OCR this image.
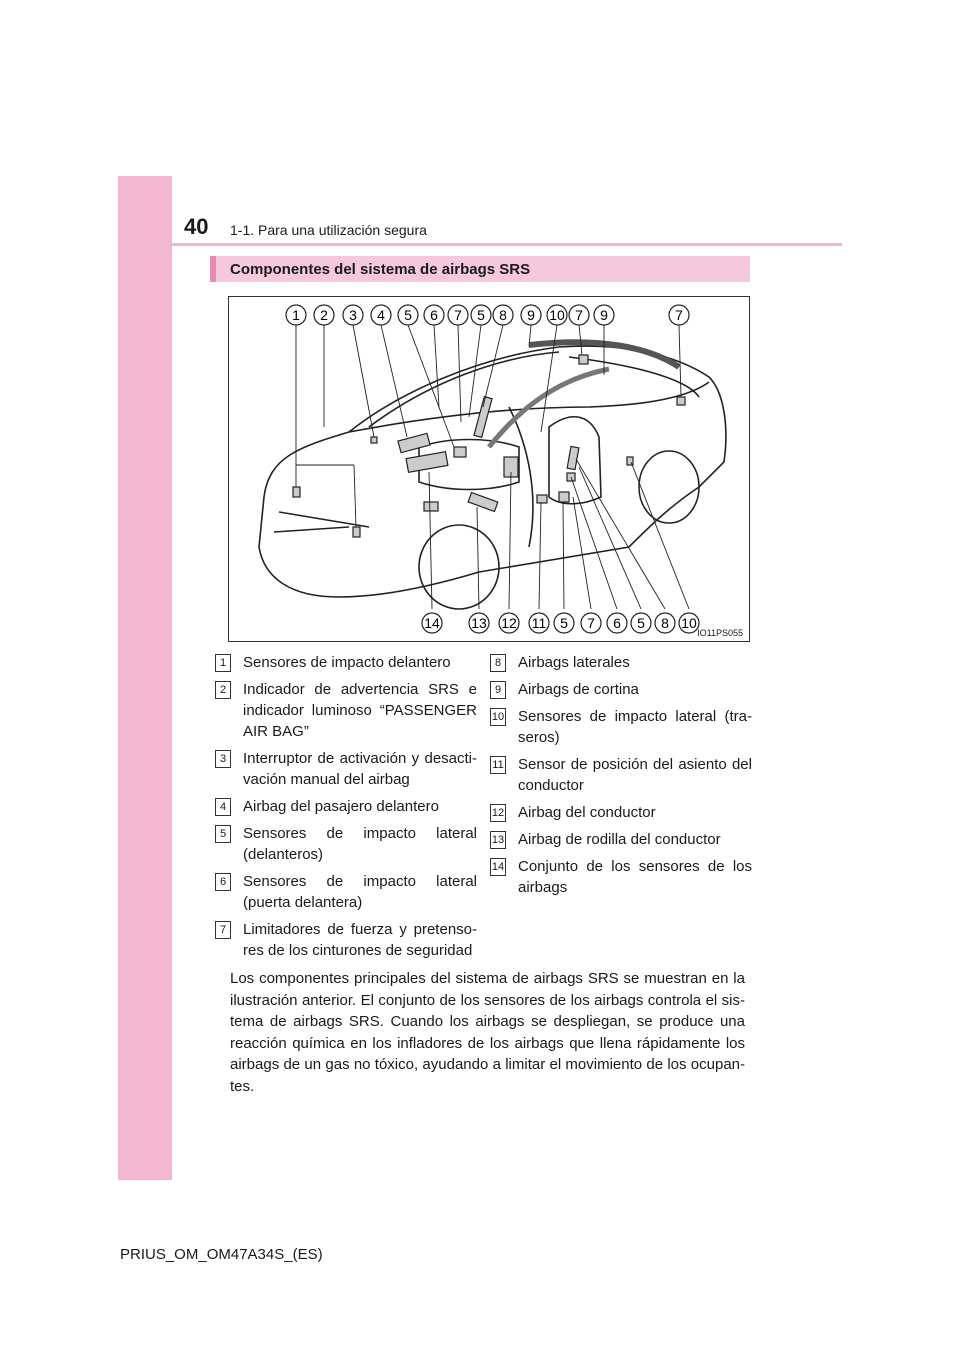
40 1-1. Para una utilización segura
Componentes del sistema de airbags SRS
1 2 3 4 5 6 7 5 8 9 10 7 9	7
14 13 12 11 5 7 6 5 8 10
IO11PS055
1	Sensores de impacto delantero
2	Indicador de advertencia SRS e indicador luminoso “PASSENGER AIR BAG”
3	Interruptor de activación y desacti-vación manual del airbag
4	Airbag del pasajero delantero
5	Sensores de impacto lateral (delanteros)
6	Sensores de impacto lateral (puerta delantera)
7	Limitadores de fuerza y pretenso-res de los cinturones de seguridad
8	Airbags laterales
9	Airbags de cortina
10 Sensores de impacto lateral (tra-seros)
11 Sensor de posición del asiento del conductor
12 Airbag del conductor
13 Airbag de rodilla del conductor
14 Conjunto de los sensores de los airbags
Los componentes principales del sistema de airbags SRS se muestran en la ilustración anterior. El conjunto de los sensores de los airbags controla el sis-tema de airbags SRS. Cuando los airbags se despliegan, se produce una reacción química en los infladores de los airbags que llena rápidamente los airbags de un gas no tóxico, ayudando a limitar el movimiento de los ocupan-tes.
PRIUS_OM_OM47A34S_(ES)
